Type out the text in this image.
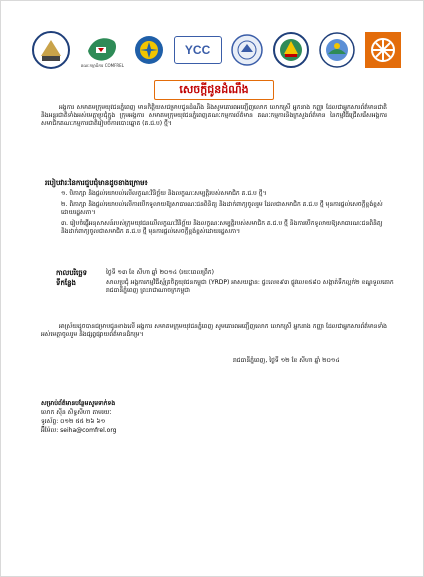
គណៈកម្មាធិការ COMFREL
YCC
សេចក្តីជូនដំណឹង
អង្គការ សមាគមក្រុមយុវជនភ្នំពេញ មានកិត្តិយសជម្រាបជូនដំណឹង និងសូមគោរពអញ្ជើញលោក លោកស្រី អ្នកនាង កញ្ញា ដែលជាអ្នកសារព័ត៌មានជាតិ និងអន្តរជាតិទាំងអស់មេត្តាប្រជុំក្នុង ក្រុមអង្គការ សមាគមក្រុមយុវជនភ្នំពេញគណៈកម្មការព័ត៌មាន គណៈកម្មការនិងក្រសួងព័ត៌មាន នៃកម្មវិធីជ្រើសរើសអង្គការសមាជិកគណៈកម្មការជាតិរៀបចំការបោះឆ្នោត (គ.ជ.ប) ថ្មី។
របៀបវារៈនៃការជួបជុំមានដូចខាងក្រោម៖
១. បិភាក្សា និងផ្តល់យោបល់លើលក្ខណៈវិនិច្ឆ័យ និងលក្ខណៈសម្បត្តិរបស់សមាជិក គ.ជ.ប ថ្មី។
២. ពិភាក្សា និងផ្តល់យោបល់លើការបើកទូលាយឱ្យសាធារណៈជនពិនិត្យ និងដាក់ពាក្យចូលរួម ដែលជាសមាជិក គ.ជ.ប ថ្មី មុនការផ្តល់សេចក្តីខ្ពង់ខ្ពស់ដោយរដ្ឋសភា។
៣. រៀបចំផ្ញើអនុសាសន៍របស់ក្រុមយុវជនលើលក្ខណៈវិនិច្ឆ័យ និងលក្ខណៈសម្បត្តិរបស់សមាជិក គ.ជ.ប ថ្មី និងការបើកទូលាយឱ្យសាធារណៈជនពិនិត្យ និងដាក់ពាក្យចូលជាសមាជិក គ.ជ.ប ថ្មី មុនការផ្តល់សេចក្តីខ្ពង់ខ្ពស់ដោយរដ្ឋសភា។
កាលបរិច្ឆេទ	ថ្ងៃទី ១៣ ខែ សីហា ឆ្នាំ ២០១៤ (រយៈពេលព្រឹក)
ទីកន្លែង	សាលប្រជុំ អង្គការកម្មវិធីស្ម័គ្រចិត្តយុវជនកម្ពុជា (YRDP) អាសយដ្ឋាន: ផ្ទះលេខ៩៣ ផ្លូវលេខ៥៨០ សង្កាត់ទឹកល្អក់២ ខណ្ឌទួលគោក រាជធានីភ្នំពេញ ព្រះរាជាណាចក្រកម្ពុជា
អាស្រ័យដូចបានជម្រាបជូនខាងលើ អង្គការ សមាគមក្រុមយុវជនភ្នំពេញ សូមគោរពអញ្ជើញលោក លោកស្រី អ្នកនាង កញ្ញា ដែលជាអ្នកសារព័ត៌មានទាំងអស់មេត្តាចូលរួម និងផ្សព្វផ្សាយព័ត៌មានដ៏កម្រ។
រាជធានីភ្នំពេញ, ថ្ងៃទី ១២ ខែ សីហា ឆ្នាំ ២០១៤
សម្រាប់ព័ត៌មានបន្ថែមសូមទាក់ទង
លោក ស៊ីន សិទ្ធសីហា តាមរយៈ
ទូរស័ព្ទ: ០១២ ៥៥ ២៦ ៦១
អ៊ីម៉ែល: seiha@comfrel.org
